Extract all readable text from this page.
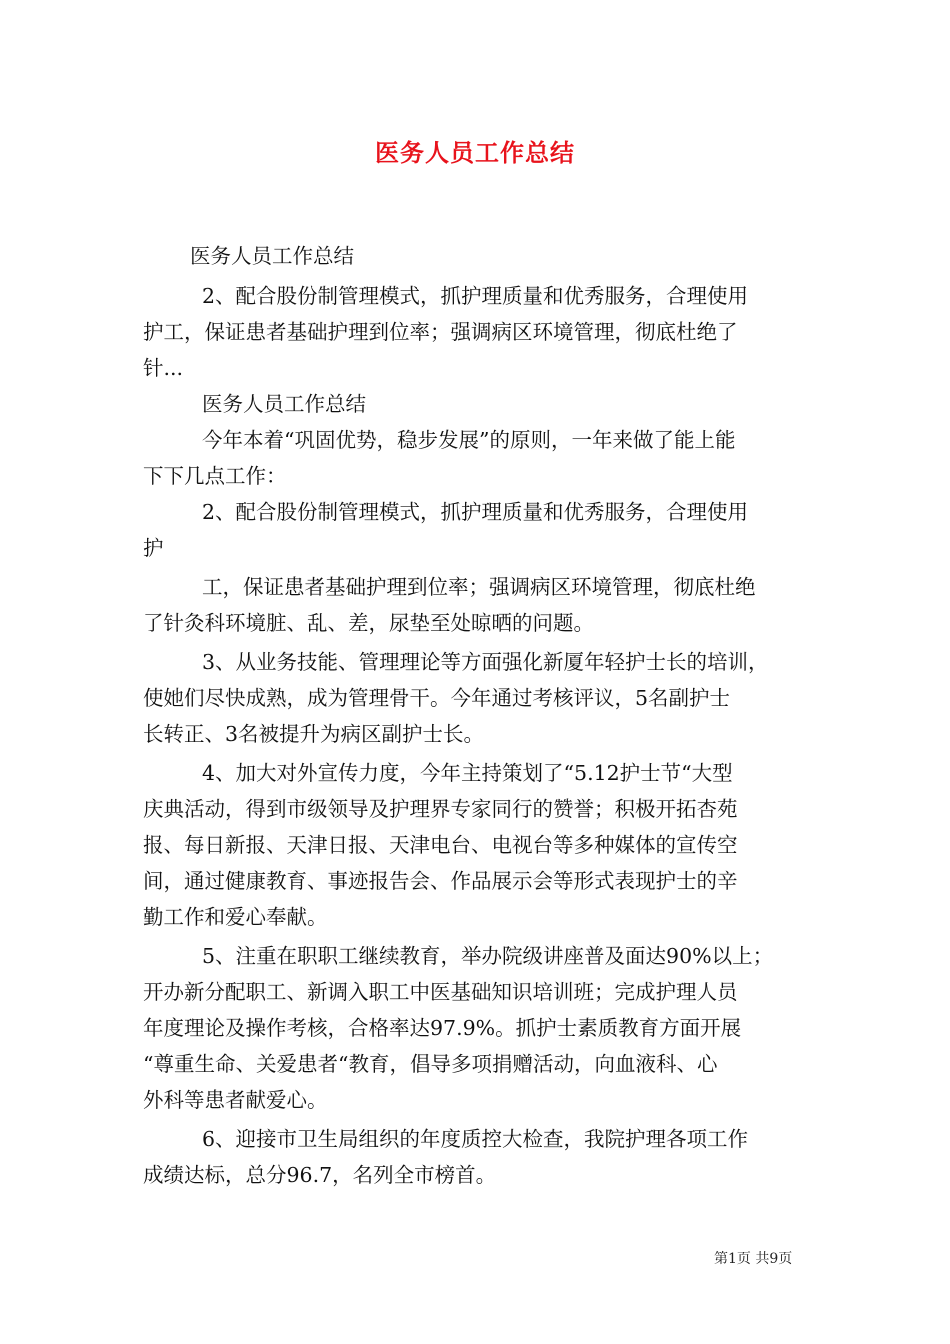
医务人员工作总结
医务人员工作总结
2、配合股份制管理模式，抓护理质量和优秀服务，合理使用
护工，保证患者基础护理到位率；强调病区环境管理，彻底杜绝了
针...
医务人员工作总结
今年本着“巩固优势，稳步发展”的原则，一年来做了能上能
下下几点工作：
2、配合股份制管理模式，抓护理质量和优秀服务，合理使用
护
工，保证患者基础护理到位率；强调病区环境管理，彻底杜绝
了针灸科环境脏、乱、差，尿垫至处晾晒的问题。
3、从业务技能、管理理论等方面强化新厦年轻护士长的培训，
使她们尽快成熟，成为管理骨干。今年通过考核评议，5名副护士
长转正、3名被提升为病区副护士长。
4、加大对外宣传力度，今年主持策划了“5.12护士节“大型
庆典活动，得到市级领导及护理界专家同行的赞誉；积极开拓杏苑
报、每日新报、天津日报、天津电台、电视台等多种媒体的宣传空
间，通过健康教育、事迹报告会、作品展示会等形式表现护士的辛
勤工作和爱心奉献。
5、注重在职职工继续教育，举办院级讲座普及面达90%以上；
开办新分配职工、新调入职工中医基础知识培训班；完成护理人员
年度理论及操作考核，合格率达97.9%。抓护士素质教育方面开展
“尊重生命、关爱患者“教育，倡导多项捐赠活动，向血液科、心
外科等患者献爱心。
6、迎接市卫生局组织的年度质控大检查，我院护理各项工作
成绩达标，总分96.7，名列全市榜首。
第1页 共9页
